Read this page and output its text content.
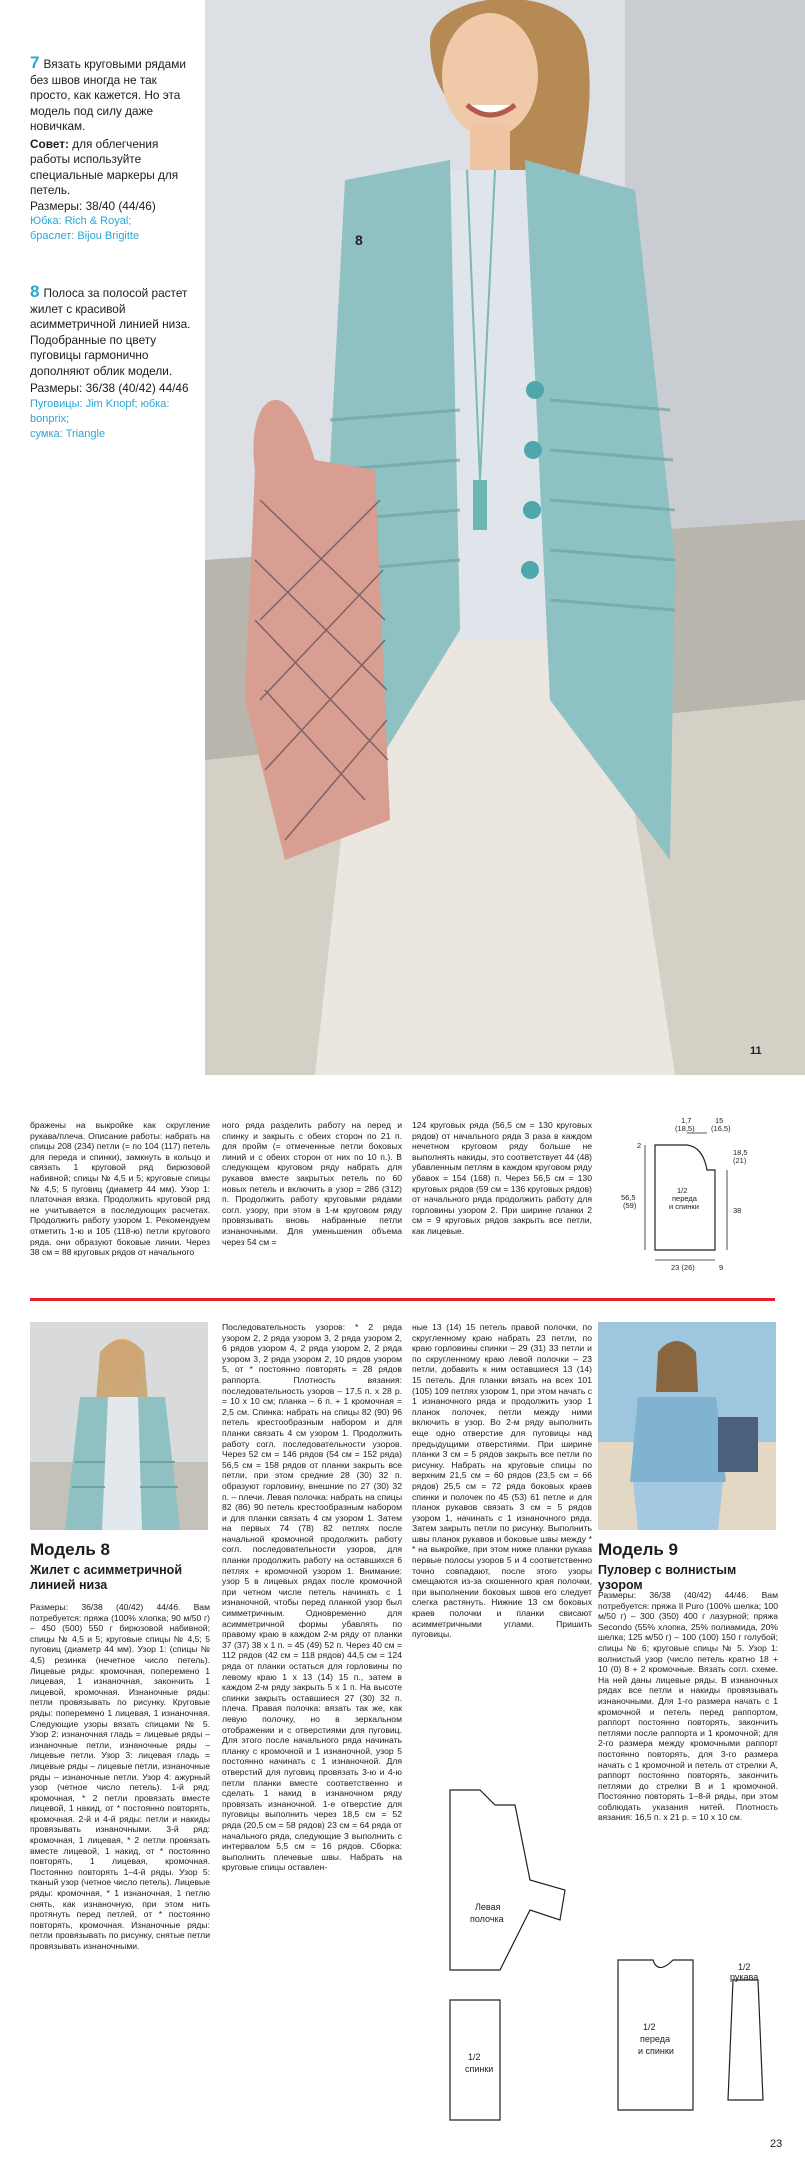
7 Вязать круговыми рядами без швов иногда не так просто, как кажется. Но эта модель под силу даже новичкам.

Совет: для облегчения работы используйте специальные маркеры для петель.

Размеры: 38/40 (44/46)

Юбка: Rich & Royal;

браслет: Bijou Brigitte

8 Полоса за полосой растет жилет с красивой асимметричной линией низа. Подобранные по цвету пуговицы гармонично дополняют облик модели.

Размеры: 36/38 (40/42) 44/46

Пуговицы: Jim Knopf; юбка: bonprix;

сумка: Triangle

8
11
бражены на выкройке как скругление рукава/плеча. Описание работы: набрать на спицы 208 (234) петли (= по 104 (117) петель для переда и спинки), замкнуть в кольцо и связать 1 круговой ряд бирюзовой набивной; спицы № 4,5 и 5; круговые спицы № 4,5; 5 пуговиц (диаметр 44 мм). Узор 1: платочная вязка. Продолжить круговой ряд не учитывается в последующих расчетах. Продолжить работу узором 1. Рекомендуем отметить 1-ю и 105 (118-ю) петли кругового ряда. они образуют боковые линии. Через 38 см = 88 круговых рядов от начального
ного ряда разделить работу на перед и спинку и закрыть с обеих сторон по 21 п. для пройм (= отмеченные петли боковых линий и с обеих сторон от них по 10 п.). В следующем круговом ряду набрать для рукавов вместе закрытых петель по 60 новых петель и включить в узор = 286 (312) п. Продолжить работу круговыми рядами согл. узору, при этом в 1-м круговом ряду провязывать вновь набранные петли изнаночными. Для уменьшения объема через 54 см =
124 круговых ряда (56,5 см = 130 круговых рядов) от начального ряда 3 раза в каждом нечетном круговом ряду больше не выполнять накиды, это соответствует 44 (48) убавленным петлям в каждом круговом ряду убавок = 154 (168) п. Через 56,5 см = 130 круговых рядов (59 см = 136 круговых рядов) от начального ряда продолжить работу для горловины узором 2. При ширине планки 2 см = 9 круговых рядов закрыть все петли, как лицевые.
1,7
(18,5)
15
(16,5)
2
18,5
(21)
56,5
(59)
38
1/2
переда
и спинки
23 (26)	9
Модель 8
Жилет с асимметричной линией низа
Размеры: 36/38 (40/42) 44/46. Вам потребуется: пряжа (100% хлопка; 90 м/50 г) – 450 (500) 550 г бирюзовой набивной; спицы № 4,5 и 5; круговые спицы № 4,5; 5 пуговиц (диаметр 44 мм). Узор 1: (спицы № 4,5) резинка (нечетное число петель). Лицевые ряды: кромочная, поперемено 1 лицевая, 1 изнаночная, закончить 1 лицевой, кромочная. Изнаночные ряды: петли провязывать по рисунку. Круговые ряды: поперемено 1 лицевая, 1 изнаночная. Следующие узоры вязать спицами № 5. Узор 2: изнаночная гладь = лицевые ряды – изнаночные петли, изнаночные ряды – лицевые петли. Узор 3: лицевая гладь = лицевые ряды – лицевые петли, изнаночные ряды – изнаночные петли. Узор 4: ажурный узор (четное число петель). 1-й ряд: кромочная, * 2 петли провязать вместе лицевой, 1 накид, от * постоянно повторять, кромочная. 2-й и 4-й ряды: петли и накиды провязывать изнаночными. 3-й ряд: кромочная, 1 лицевая, * 2 петли провязать вместе лицевой, 1 накид, от * постоянно повторять, 1 лицевая, кромочная. Постоянно повторять 1–4-й ряды. Узор 5: тканый узор (четное число петель). Лицевые ряды: кромочная, * 1 изнаночная, 1 петлю снять, как изнаночную, при этом нить протянуть перед петлей, от * постоянно повторять, кромочная. Изнаночные ряды: петли провязывать по рисунку, снятые петли провязывать изнаночными.
Последовательность узоров: * 2 ряда узором 2, 2 ряда узором 3, 2 ряда узором 2, 6 рядов узором 4, 2 ряда узором 2, 2 ряда узором 3, 2 ряда узором 2, 10 рядов узором 5, от * постоянно повторять = 28 рядов раппорта. Плотность вязания: последовательность узоров – 17,5 п. x 28 р. = 10 x 10 см; планка – 6 п. + 1 кромочная = 2,5 см. Спинка: набрать на спицы 82 (90) 96 петель крестообразным набором и для планки связать 4 см узором 1. Продолжить работу согл. последовательности узоров. Через 52 см = 146 рядов (54 см = 152 ряда) 56,5 см = 158 рядов от планки закрыть все петли, при этом средние 28 (30) 32 п. образуют горловину, внешние по 27 (30) 32 п. – плечи. Левая полочка: набрать на спицы 82 (86) 90 петель крестообразным набором и для планки связать 4 см узором 1. Затем на первых 74 (78) 82 петлях после начальной кромочной продолжить работу согл. последовательности узоров, для планки продолжить работу на оставшихся 6 петлях + кромочной узором 1. Внимание: узор 5 в лицевых рядах после кромочной при четном числе петель начинать с 1 изнаночной, чтобы перед планкой узор был симметричным. Одновременно для асимметричной формы убавлять по правому краю в каждом 2-м ряду от планки 37 (37) 38 x 1 п. = 45 (49) 52 п. Через 40 см = 112 рядов (42 см = 118 рядов) 44,5 см = 124 ряда от планки остаться для горловины по левому краю 1 x 13 (14) 15 п., затем в каждом 2-м ряду закрыть 5 x 1 п. На высоте спинки закрыть оставшиеся 27 (30) 32 п. плеча. Правая полочка: вязать так же, как левую полочку, но в зеркальном отображении и с отверстиями для пуговиц. Для этого после начального ряда начинать планку с кромочной и 1 изнаночной, узор 5 постоянно начинать с 1 изнаночной. Для отверстий для пуговиц провязать 3-ю и 4-ю петли планки вместе соответственно и сделать 1 накид в изнаночном ряду провязать изнаночной. 1-е отверстие для пуговицы выполнить через 18,5 см = 52 ряда (20,5 см = 58 рядов) 23 см = 64 ряда от начального ряда, следующие 3 выполнить с интервалом 5,5 см = 16 рядов. Сборка: выполнить плечевые швы. Набрать на круговые спицы оставлен-
ные 13 (14) 15 петель правой полочки, по скругленному краю набрать 23 петли, по краю горловины спинки – 29 (31) 33 петли и по скругленному краю левой полочки – 23 петли, добавить к ним оставшиеся 13 (14) 15 петель. Для планки вязать на всех 101 (105) 109 петлях узором 1, при этом начать с 1 изнаночного ряда и продолжить узор 1 планок полочек, петли между ними включить в узор. Во 2-м ряду выполнить еще одно отверстие для пуговицы над предыдущими отверстиями. При ширине планки 3 см = 5 рядов закрыть все петли по рисунку. Набрать на круговые спицы по верхним 21,5 см = 60 рядов (23,5 см = 66 рядов) 25,5 см = 72 ряда боковых краев спинки и полочек по 45 (53) 61 петле и для планок рукавов связать 3 см = 5 рядов узором 1, начинать с 1 изнаночного ряда. Затем закрыть петли по рисунку. Выполнить швы планок рукавов и боковые швы между * * на выкройке, при этом ниже планки рукава первые полосы узоров 5 и 4 соответственно точно совпадают, после этого узоры смещаются из-за скошенного края полочки, при выполнении боковых швов его следует слегка растянуть. Нижние 13 см боковых краев полочки и планки свисают асимметричными углами. Пришить пуговицы.
Левая
полочка
1/2
спинки
Модель 9
Пуловер с волнистым узором
Размеры: 36/38 (40/42) 44/46. Вам потребуется: пряжа Il Puro (100% шелка; 100 м/50 г) – 300 (350) 400 г лазурной; пряжа Secondo (55% хлопка, 25% полиамида, 20% шелка; 125 м/50 г) – 100 (100) 150 г голубой; спицы № 6; круговые спицы № 5. Узор 1: волнистый узор (число петель кратно 18 + 10 (0) 8 + 2 кромочные. Вязать согл. схеме. На ней даны лицевые ряды. В изнаночных рядах все петли и накиды провязывать изнаночными. Для 1-го размера начать с 1 кромочной и петель перед раппортом, раппорт постоянно повторять, закончить петлями после раппорта и 1 кромочной; для 2-го размера между кромочными раппорт постоянно повторять, для 3-го размера начать с 1 кромочной и петель от стрелки А, раппорт постоянно повторять, закончить петлями до стрелки В и 1 кромочной. Постоянно повторять 1–8-й ряды, при этом соблюдать указания нитей. Плотность вязания: 16,5 п. x 21 р. = 10 x 10 см.
1/2
переда
и спинки
1/2
рукава
23
